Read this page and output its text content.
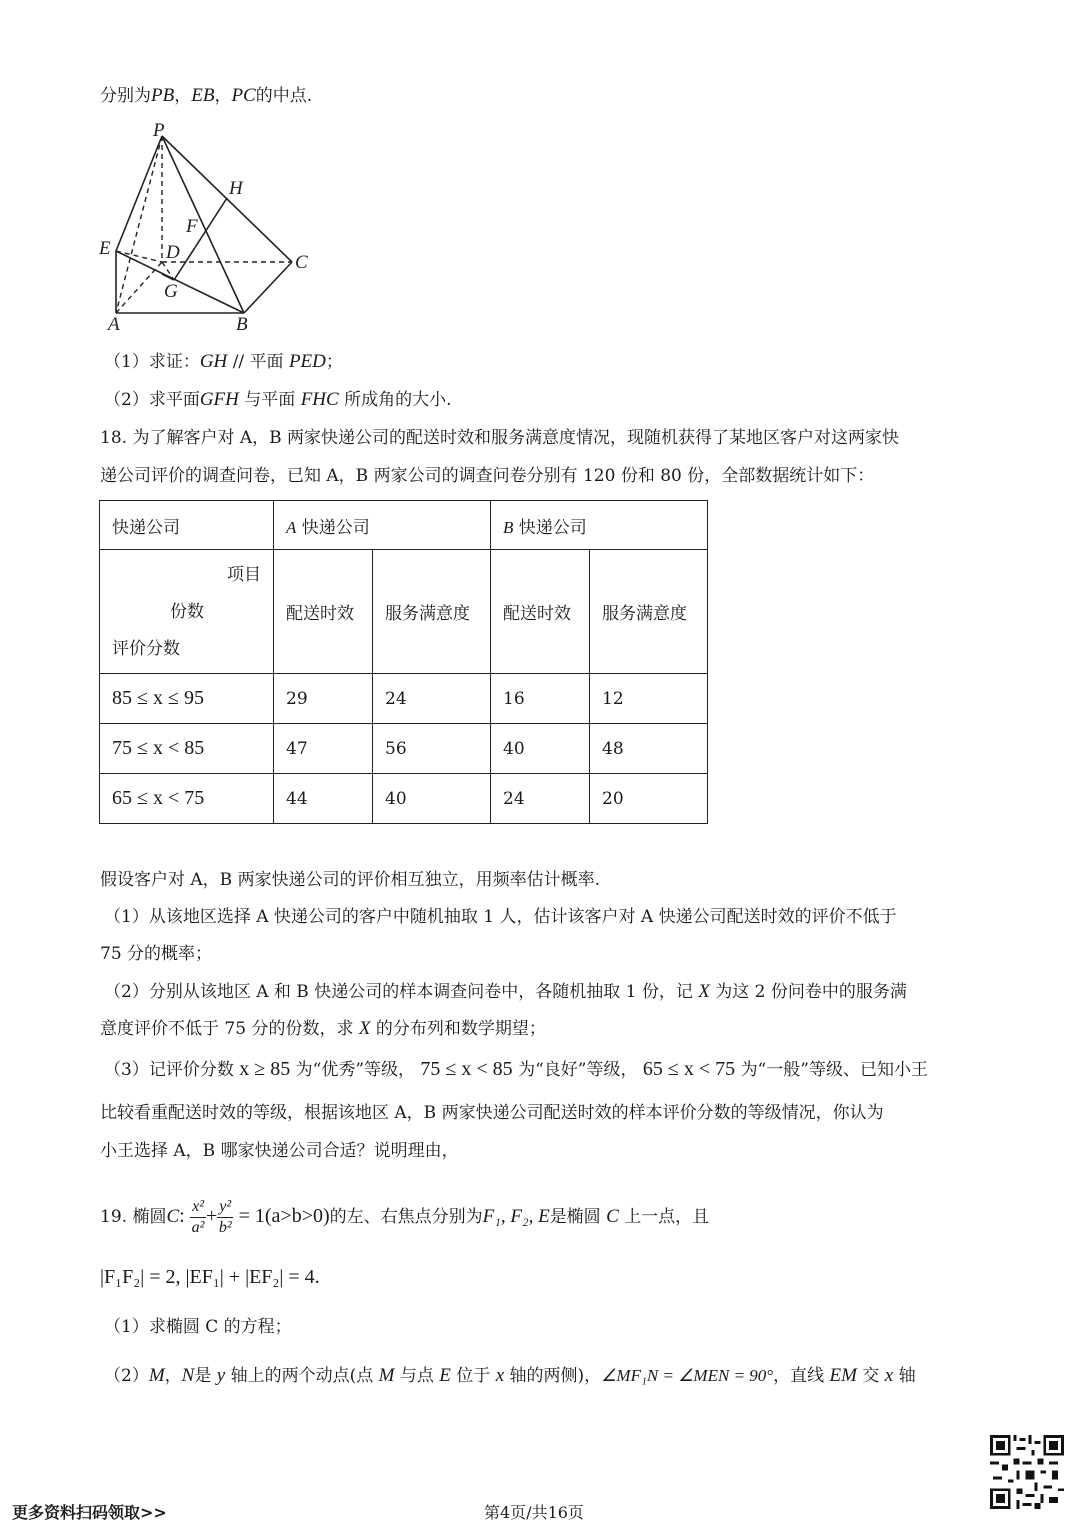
分别为PB，EB，PC的中点.
P
H
F
E	D	C
G
A	B
（1）求证：GH // 平面 PED；
（2）求平面GFH 与平面 FHC 所成角的大小.
18. 为了解客户对 A，B 两家快递公司的配送时效和服务满意度情况，现随机获得了某地区客户对这两家快
递公司评价的调查问卷，已知 A，B 两家公司的调查问卷分别有 120 份和 80 份，全部数据统计如下：
快递公司	A 快递公司		B 快递公司	

项目
份数
评价分数	配送时效	服务满意度	配送时效	服务满意度
85 ≤ x ≤ 95	29	24	16	12
75 ≤ x < 85	47	56	40	48
65 ≤ x < 75	44	40	24	20
假设客户对 A，B 两家快递公司的评价相互独立，用频率估计概率.
（1）从该地区选择 A 快递公司的客户中随机抽取 1 人，估计该客户对 A 快递公司配送时效的评价不低于
75 分的概率；
（2）分别从该地区 A 和 B 快递公司的样本调查问卷中，各随机抽取 1 份，记 X 为这 2 份问卷中的服务满
意度评价不低于 75 分的份数，求 X 的分布列和数学期望；
（3）记评价分数 x ≥ 85 为“优秀”等级， 75 ≤ x < 85 为“良好”等级， 65 ≤ x < 75 为“一般”等级、已知小王
比较看重配送时效的等级，根据该地区 A，B 两家快递公司配送时效的样本评价分数的等级情况，你认为
小王选择 A，B 哪家快递公司合适？说明理由，
19. 椭圆C: $\frac{\text{x²}}{\text{a²}} + \frac{\text{y²}}{\text{b²}} = 1(a>b>0)$的左、右焦点分别为F₁, F₂, E是椭圆 C 上一点，且
|F₁F₂| = 2, |EF₁| + |EF₂| = 4.
（1）求椭圆 C 的方程；
（2）M，N是 y 轴上的两个动点(点 M 与点 E 位于 x 轴的两侧)，∠MF₁N = ∠MEN = 90°，直线 EM 交 x 轴
更多资料扫码领取>>	第4页/共16页
